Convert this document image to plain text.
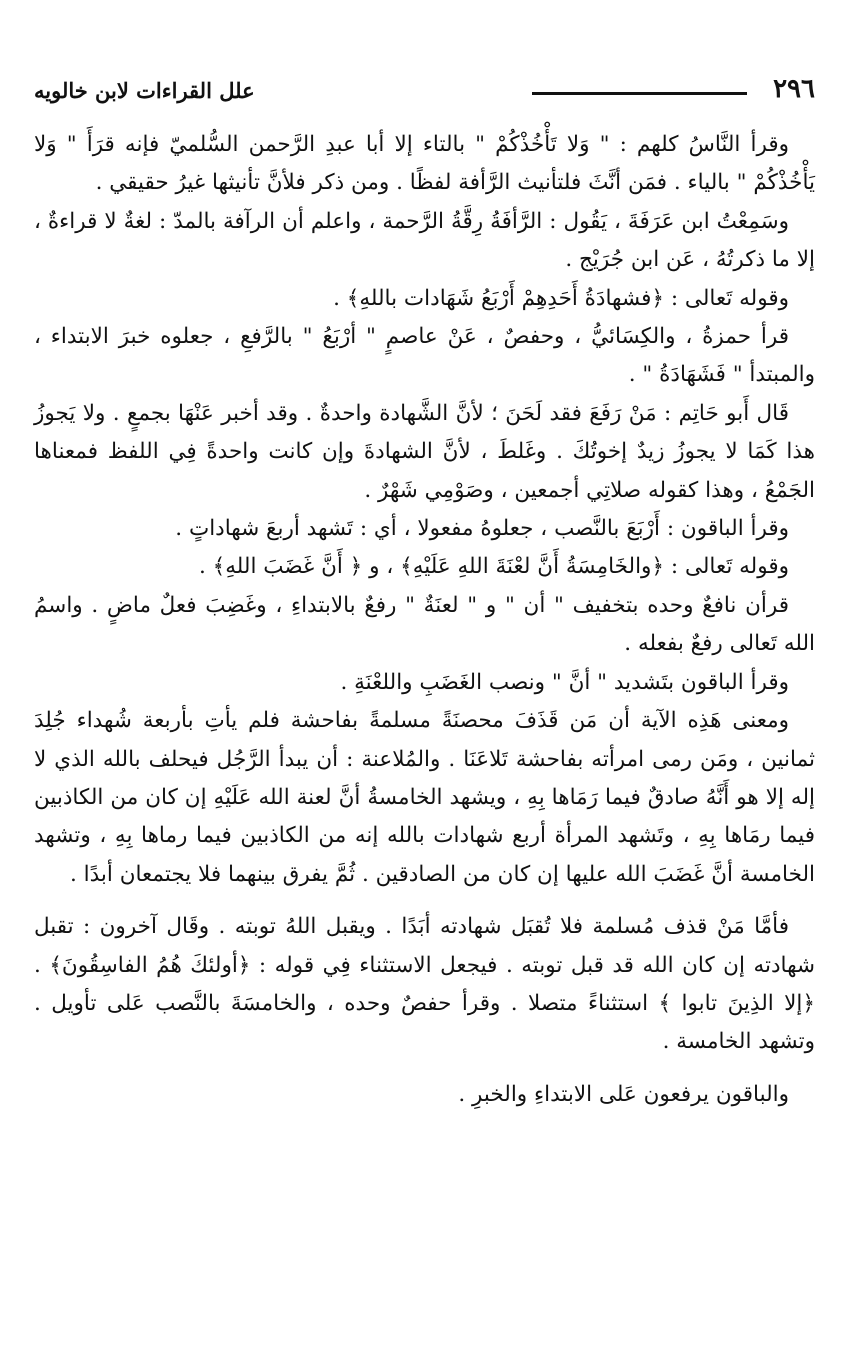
٢٩٦
علل القراءات لابن خالويه

وقرأ النَّاسُ كلهم : " وَلا تَأْخُذْكُمْ " بالتاء إلا أبا عبدِ الرَّحمن السُّلميّ فإنه قرَأَ " وَلا يَأْخُذْكُمْ " بالياء . فمَن أنَّثَ فلتأنيث الرَّأفة لفظًا . ومن ذكر فلأنَّ تأنيثها غيرُ حقيقي .

وسَمِعْتُ ابن عَرَفَةَ ، يَقُول : الرَّأفَةُ رِقَّةُ الرَّحمة ، واعلم أن الرآفة بالمدّ : لغةٌ لا قراءةٌ ، إلا ما ذكرتُهُ ، عَن ابن جُرَيْج .

وقوله تَعالى : ﴿فشهادَةُ أَحَدِهِمْ أَرْبَعُ شَهَادات باللهِ﴾ .

قرأ حمزةُ ، والكِسَائيُّ ، وحفصٌ ، عَنْ عاصمٍ " أرْبَعُ " بالرَّفعِ ، جعلوه خبرَ الابتداء ، والمبتدأ " فَشَهَادَةُ " .

قَال أَبو حَاتِم : مَنْ رَفَعَ فقد لَحَنَ ؛ لأنَّ الشَّهادة واحدةٌ . وقد أخبر عَنْهَا بجمعٍ . ولا يَجوزُ هذا كَمَا لا يجوزُ زيدٌ إخوتُكَ . وغَلطَ ، لأنَّ الشهادةَ وإن كانت واحدةً فِي اللفظ فمعناها الجَمْعُ ، وهذا كقوله صلاتِي أجمعين ، وصَوْمِي شَهْرٌ .

وقرأ الباقون : أَرْبَعَ بالنَّصب ، جعلوهُ مفعولا ، أي : تَشهد أربعَ شهاداتٍ .

وقوله تَعالى : ﴿والخَامِسَةُ أَنَّ لعْنَةَ اللهِ عَلَيْهِ﴾ ، و ﴿ أَنَّ غَضَبَ اللهِ﴾ .

قرأن نافعٌ وحده بتخفيف " أن " و " لعنَةٌ " رفعٌ بالابتداءِ ، وغَضِبَ فعلٌ ماضٍ . واسمُ الله تَعالى رفعٌ بفعله .

وقرأ الباقون بتَشديد " أنَّ " ونصب الغَضَبِ واللعْنَةِ .

ومعنى هَذِه الآية أن مَن قَذَفَ محصنَةً مسلمةً بفاحشة فلم يأتِ بأربعة شُهداء جُلِدَ ثمانين ، ومَن رمى امرأته بفاحشة تَلاعَنَا . والمُلاعنة : أن يبدأ الرَّجُل فيحلف بالله الذي لا إله إلا هو أَنَّهُ صادقٌ فيما رَمَاها بِهِ ، ويشهد الخامسةُ أنَّ لعنة الله عَلَيْهِ إن كان من الكاذبين فيما رمَاها بِهِ ، وتَشهد المرأة أربع شهادات بالله إنه من الكاذبين فيما رماها بِهِ ، وتشهد الخامسة أنَّ غَضَبَ الله عليها إن كان من الصادقين . ثُمَّ يفرق بينهما فلا يجتمعان أبدًا .

فأمَّا مَنْ قذف مُسلمة فلا تُقبَل شهادته أبَدًا . ويقبل اللهُ توبته . وقَال آخرون : تقبل شهادته إن كان الله قد قبل توبته . فيجعل الاستثناء فِي قوله : ﴿أولئكَ هُمُ الفاسِقُونَ﴾ . ﴿إلا الذِينَ تابوا ﴾ استثناءً متصلا . وقرأ حفصٌ وحده ، والخامسَةَ بالنَّصب عَلى تأويل . وتشهد الخامسة .

والباقون يرفعون عَلى الابتداءِ والخبرِ .
